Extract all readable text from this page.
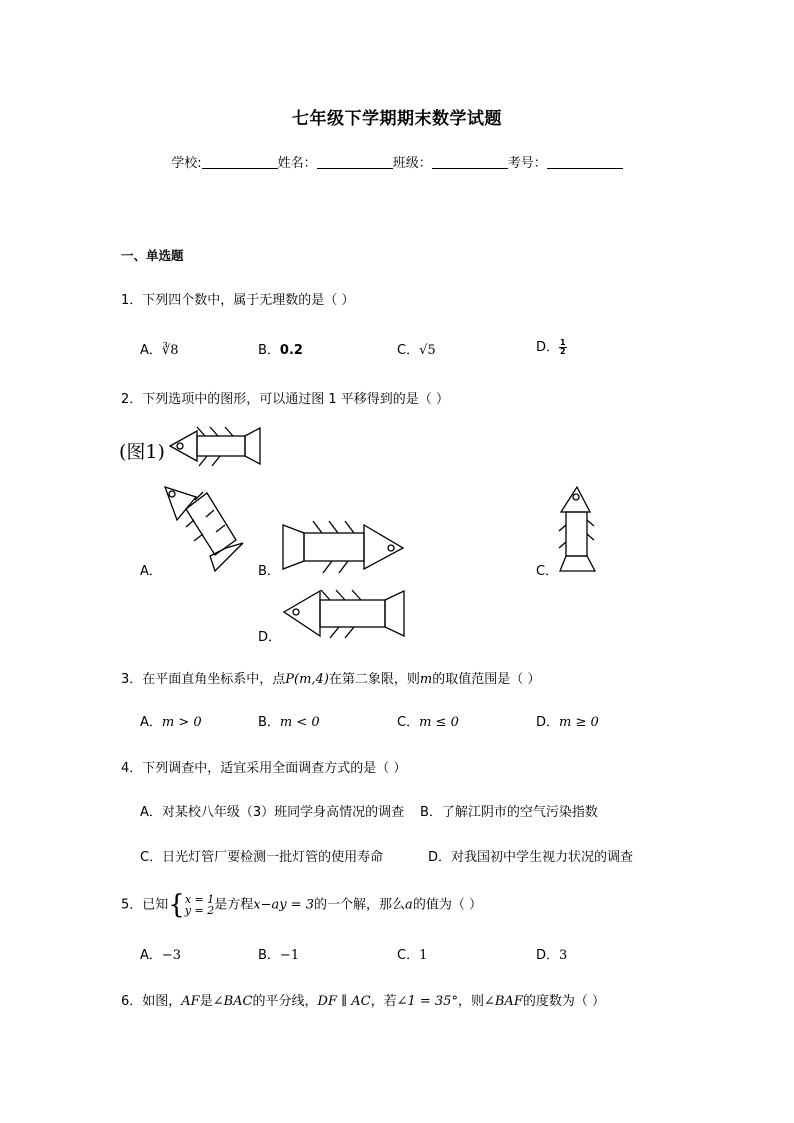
七年级下学期期末数学试题
学校:	姓名：	班级：	考号：
一、单选题
1．下列四个数中，属于无理数的是（ ）
A．∛8	B．0.2	C．√5	D． $\frac{1}{2}$
2．下列选项中的图形，可以通过图 1 平移得到的是（ ）
(图1)
A．	B．	C．
D．
3．在平面直角坐标系中，点P(m,4)在第二象限，则m的取值范围是（ ）
A．m > 0	B．m < 0	C．m ≤ 0	D．m ≥ 0
4．下列调查中，适宜采用全面调查方式的是（ ）
A．对某校八年级（3）班同学身高情况的调查 B．了解江阴市的空气污染指数
C．日光灯管厂要检测一批灯管的使用寿命	D．对我国初中学生视力状况的调查
5．已知{ x = 1
y = 2 是方程x−ay = 3的一个解，那么a的值为（ ）
A．−3	B．−1	C．1	D．3
6．如图，AF是∠BAC的平分线，DF ∥ AC，若∠1 = 35°，则∠BAF的度数为（ ）
